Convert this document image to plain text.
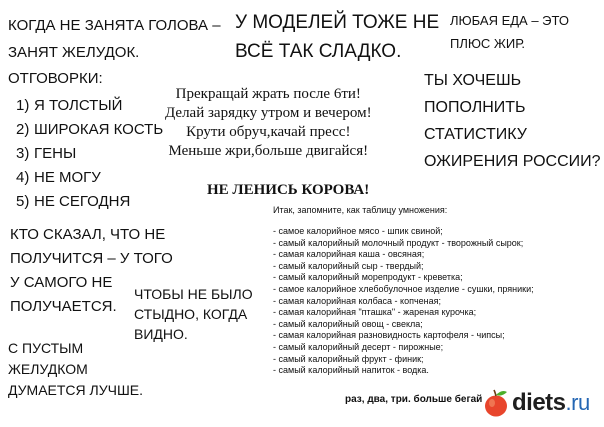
КОГДА НЕ ЗАНЯТА ГОЛОВА –
ЗАНЯТ ЖЕЛУДОК.
У МОДЕЛЕЙ ТОЖЕ НЕ
ВСЁ ТАК СЛАДКО.
ЛЮБАЯ ЕДА – ЭТО
ПЛЮС ЖИР.
ОТГОВОРКИ:
1) Я ТОЛСТЫЙ
2) ШИРОКАЯ КОСТЬ
3) ГЕНЫ
4) НЕ МОГУ
5) НЕ СЕГОДНЯ
Прекращай жрать после 6ти!
Делай зарядку утром и вечером!
Крути обруч,качай пресс!
Меньше жри,больше двигайся!
ТЫ ХОЧЕШЬ
ПОПОЛНИТЬ
СТАТИСТИКУ
ОЖИРЕНИЯ РОССИИ?
НЕ ЛЕНИСЬ КОРОВА!
КТО СКАЗАЛ, ЧТО НЕ
ПОЛУЧИТСЯ – У ТОГО
У САМОГО НЕ
ПОЛУЧАЕТСЯ.
ЧТОБЫ НЕ БЫЛО
СТЫДНО, КОГДА
ВИДНО.
С ПУСТЫМ
ЖЕЛУДКОМ
ДУМАЕТСЯ ЛУЧШЕ.
Итак, запомните, как таблицу умножения:
- самое калорийное мясо - шпик свиной;
- самый калорийный молочный продукт - творожный сырок;
- самая калорийная каша - овсяная;
- самый калорийный сыр - твердый;
- самый калорийный морепродукт - креветка;
- самое калорийное хлебобулочное изделие - сушки, пряники;
- самая калорийная колбаса - копченая;
- самая калорийная "пташка" - жареная курочка;
- самый калорийный овощ - свекла;
- самая калорийная разновидность картофеля - чипсы;
- самый калорийный десерт - пирожные;
- самый калорийный фрукт - финик;
- самый калорийный напиток - водка.
раз, два, три. больше бегай diets.ru
